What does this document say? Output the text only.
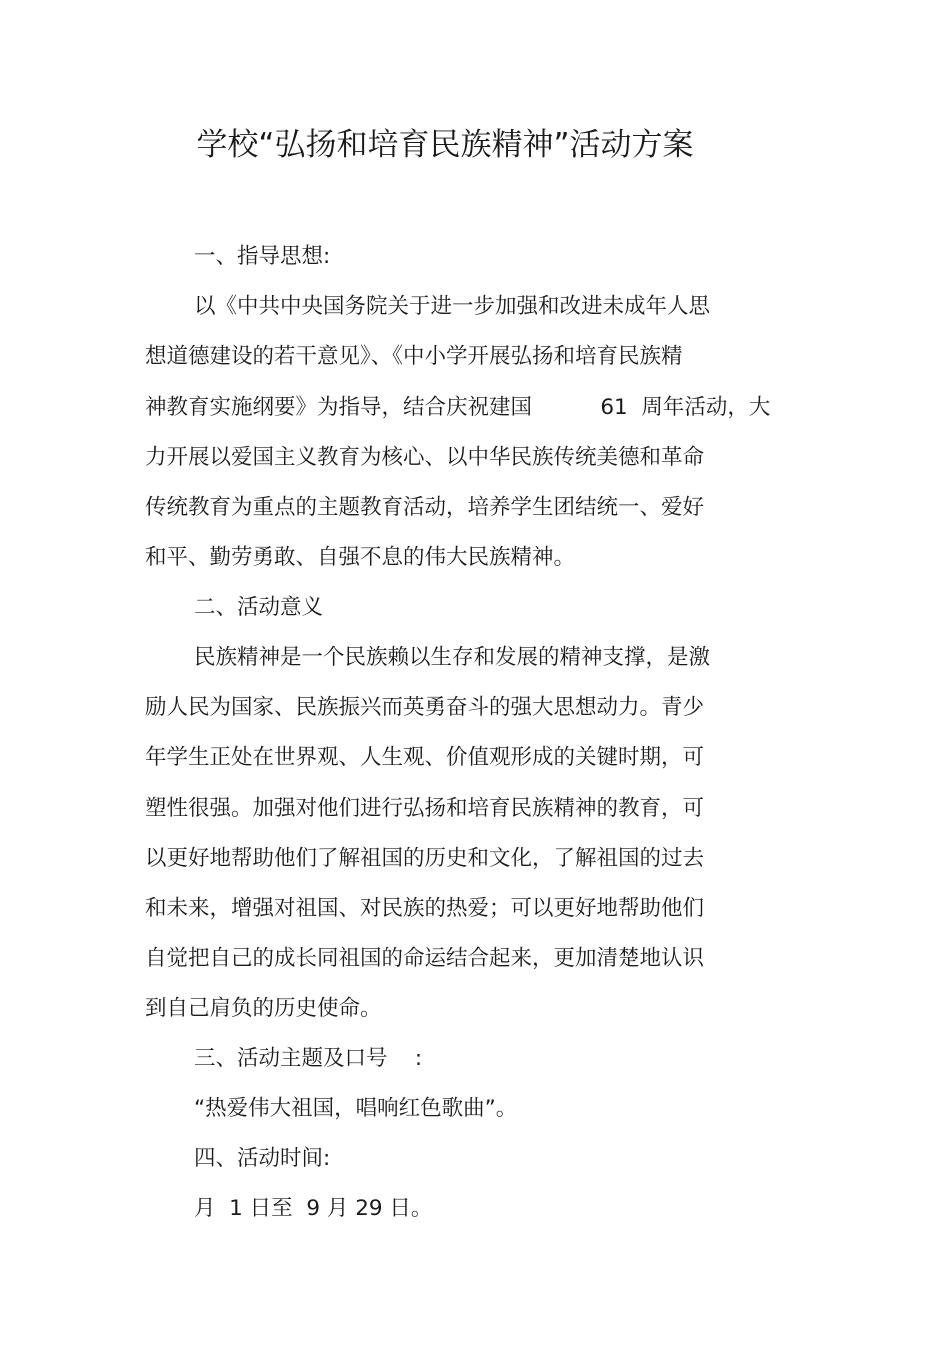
学校“弘扬和培育民族精神”活动方案
一、指导思想:
以《中共中央国务院关于进一步加强和改进未成年人思
想道德建设的若干意见》、《中小学开展弘扬和培育民族精
神教育实施纲要》为指导，结合庆祝建国          61  周年活动，大
力开展以爱国主义教育为核心、以中华民族传统美德和革命
传统教育为重点的主题教育活动，培养学生团结统一、爱好
和平、勤劳勇敢、自强不息的伟大民族精神。
二、活动意义
民族精神是一个民族赖以生存和发展的精神支撑，是激
励人民为国家、民族振兴而英勇奋斗的强大思想动力。青少
年学生正处在世界观、人生观、价值观形成的关键时期，可
塑性很强。加强对他们进行弘扬和培育民族精神的教育，可
以更好地帮助他们了解祖国的历史和文化，了解祖国的过去
和未来，增强对祖国、对民族的热爱；可以更好地帮助他们
自觉把自己的成长同祖国的命运结合起来，更加清楚地认识
到自己肩负的历史使命。
三、活动主题及口号    :
“热爱伟大祖国，唱响红色歌曲”。
四、活动时间:
月  1 日至  9 月 29 日。
